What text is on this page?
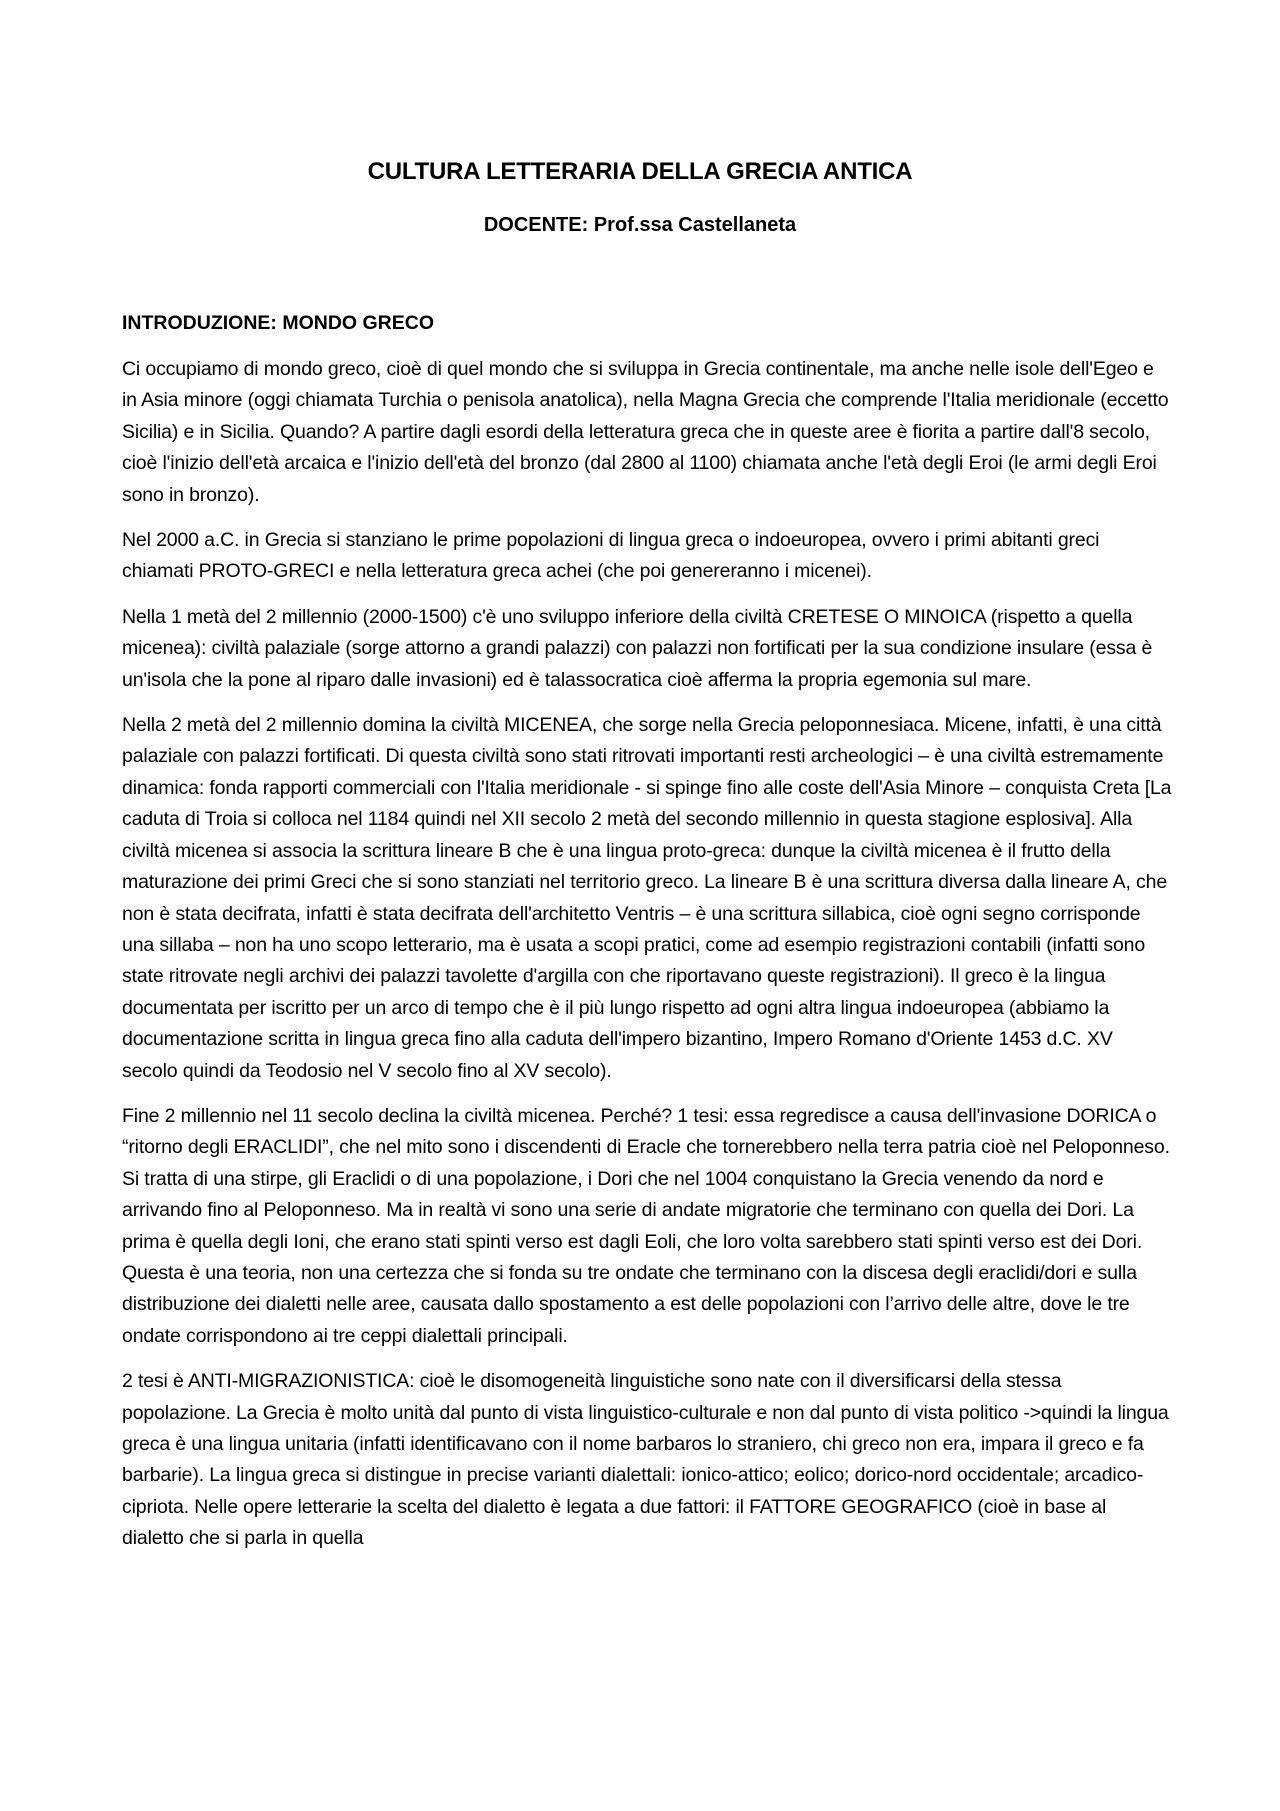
CULTURA LETTERARIA DELLA GRECIA ANTICA
DOCENTE: Prof.ssa Castellaneta
INTRODUZIONE: MONDO GRECO

Ci occupiamo di mondo greco, cioè di quel mondo che si sviluppa in Grecia continentale, ma anche nelle isole dell'Egeo e in Asia minore (oggi chiamata Turchia o penisola anatolica), nella Magna Grecia che comprende l'Italia meridionale (eccetto Sicilia) e in Sicilia. Quando? A partire dagli esordi della letteratura greca che in queste aree è fiorita a partire dall'8 secolo, cioè l'inizio dell'età arcaica e l'inizio dell'età del bronzo (dal 2800 al 1100) chiamata anche l'età degli Eroi (le armi degli Eroi sono in bronzo).

Nel 2000 a.C. in Grecia si stanziano le prime popolazioni di lingua greca o indoeuropea, ovvero i primi abitanti greci chiamati PROTO-GRECI e nella letteratura greca achei (che poi genereranno i micenei).

Nella 1 metà del 2 millennio (2000-1500) c'è uno sviluppo inferiore della civiltà CRETESE O MINOICA (rispetto a quella micenea): civiltà palaziale (sorge attorno a grandi palazzi) con palazzi non fortificati per la sua condizione insulare (essa è un'isola che la pone al riparo dalle invasioni) ed è talassocratica cioè afferma la propria egemonia sul mare.

Nella 2 metà del 2 millennio domina la civiltà MICENEA, che sorge nella Grecia peloponnesiaca. Micene, infatti, è una città palaziale con palazzi fortificati. Di questa civiltà sono stati ritrovati importanti resti archeologici – è una civiltà estremamente dinamica: fonda rapporti commerciali con l'Italia meridionale - si spinge fino alle coste dell'Asia Minore – conquista Creta [La caduta di Troia si colloca nel 1184 quindi nel XII secolo 2 metà del secondo millennio in questa stagione esplosiva]. Alla civiltà micenea si associa la scrittura lineare B che è una lingua proto-greca: dunque la civiltà micenea è il frutto della maturazione dei primi Greci che si sono stanziati nel territorio greco. La lineare B è una scrittura diversa dalla lineare A, che non è stata decifrata, infatti è stata decifrata dell'architetto Ventris – è una scrittura sillabica, cioè ogni segno corrisponde una sillaba – non ha uno scopo letterario, ma è usata a scopi pratici, come ad esempio registrazioni contabili (infatti sono state ritrovate negli archivi dei palazzi tavolette d'argilla con che riportavano queste registrazioni). Il greco è la lingua documentata per iscritto per un arco di tempo che è il più lungo rispetto ad ogni altra lingua indoeuropea (abbiamo la documentazione scritta in lingua greca fino alla caduta dell'impero bizantino, Impero Romano d'Oriente 1453 d.C. XV secolo quindi da Teodosio nel V secolo fino al XV secolo).

Fine 2 millennio nel 11 secolo declina la civiltà micenea. Perché? 1 tesi: essa regredisce a causa dell'invasione DORICA o “ritorno degli ERACLIDI”, che nel mito sono i discendenti di Eracle che tornerebbero nella terra patria cioè nel Peloponneso. Si tratta di una stirpe, gli Eraclidi o di una popolazione, i Dori che nel 1004 conquistano la Grecia venendo da nord e arrivando fino al Peloponneso. Ma in realtà vi sono una serie di andate migratorie che terminano con quella dei Dori. La prima è quella degli Ioni, che erano stati spinti verso est dagli Eoli, che loro volta sarebbero stati spinti verso est dei Dori. Questa è una teoria, non una certezza che si fonda su tre ondate che terminano con la discesa degli eraclidi/dori e sulla distribuzione dei dialetti nelle aree, causata dallo spostamento a est delle popolazioni con l’arrivo delle altre, dove le tre ondate corrispondono ai tre ceppi dialettali principali.

2 tesi è ANTI-MIGRAZIONISTICA: cioè le disomogeneità linguistiche sono nate con il diversificarsi della stessa popolazione. La Grecia è molto unità dal punto di vista linguistico-culturale e non dal punto di vista politico ->quindi la lingua greca è una lingua unitaria (infatti identificavano con il nome barbaros lo straniero, chi greco non era, impara il greco e fa barbarie). La lingua greca si distingue in precise varianti dialettali: ionico-attico; eolico; dorico-nord occidentale; arcadico-cipriota. Nelle opere letterarie la scelta del dialetto è legata a due fattori: il FATTORE GEOGRAFICO (cioè in base al dialetto che si parla in quella
